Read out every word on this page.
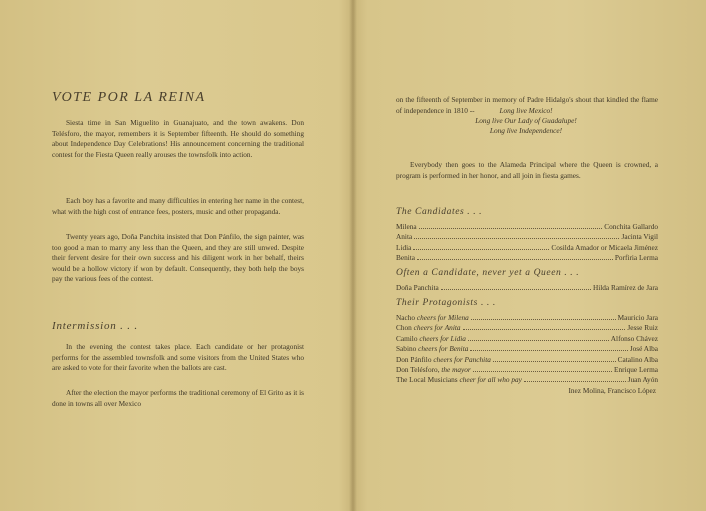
VOTE POR LA REINA

Siesta time in San Miguelito in Guanajuato, and the town awakens. Don Telésforo, the mayor, remembers it is September fifteenth. He should do something about Independence Day Celebrations! His announcement concerning the traditional contest for the Fiesta Queen really arouses the townsfolk into action.

Each boy has a favorite and many difficulties in entering her name in the contest, what with the high cost of entrance fees, posters, music and other propaganda.

Twenty years ago, Doña Panchita insisted that Don Pánfilo, the sign painter, was too good a man to marry any less than the Queen, and they are still unwed. Despite their fervent desire for their own success and his diligent work in her behalf, theirs would be a hollow victory if won by default. Consequently, they both help the boys pay the various fees of the contest.

Intermission . . .

In the evening the contest takes place. Each candidate or her protagonist performs for the assembled townsfolk and some visitors from the United States who are asked to vote for their favorite when the ballots are cast.

After the election the mayor performs the traditional ceremony of El Grito as it is done in towns all over Mexico

on the fifteenth of September in memory of Padre Hidalgo's shout that kindled the flame of independence in 1810 --	Long live Mexico!
Long live Our Lady of Guadalupe!
Long live Independence!

Everybody then goes to the Alameda Principal where the Queen is crowned, a program is performed in her honor, and all join in fiesta games.

The Candidates . . .
Milena	Conchita Gallardo
Anita	Jacinta Vigil
Lidia	Cosilda Amador or Micaela Jiménez
Benita	Porfiria Lerma
Often a Candidate, never yet a Queen . . .
Doña Panchita	Hilda Ramírez de Jara
Their Protagonists . . .
Nacho cheers for Milena	Mauricio Jara
Chon cheers for Anita	Jesse Ruiz
Camilo cheers for Lidia	Alfonso Chávez
Sabino cheers for Benita	José Alba
Don Pánfilo cheers for Panchita	Catalino Alba
Don Telésforo, the mayor	Enrique Lerma
The Local Musicians cheer for all who pay	Juan Ayón
Inez Molina, Francisco López
